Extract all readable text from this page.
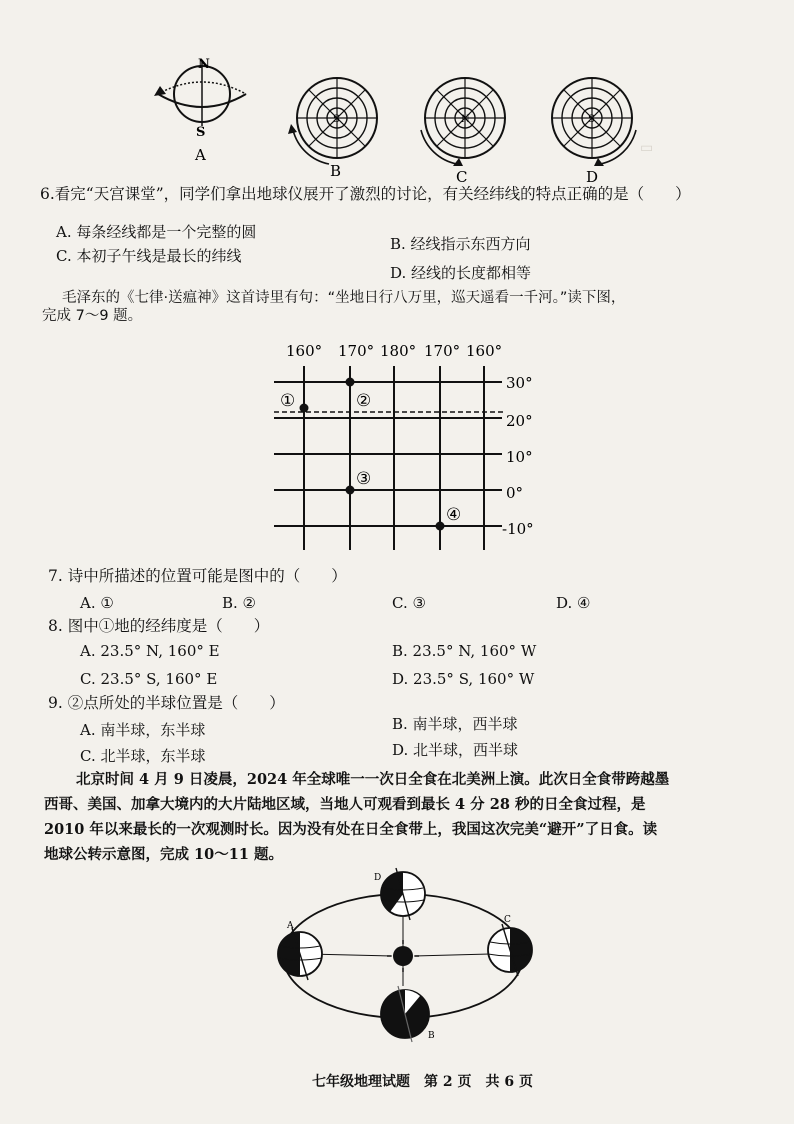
N
S
S	N	S
A
B	C	D
▭
6.看完“天宫课堂”，同学们拿出地球仪展开了激烈的讨论，有关经纬线的特点正确的是（　　）
A. 每条经线都是一个完整的圆
C. 本初子午线是最长的纬线
B. 经线指示东西方向
D. 经线的长度都相等
毛泽东的《七律·送瘟神》这首诗里有句：“坐地日行八万里，巡天遥看一千河。”读下图，
完成 7～9 题。
160° 170° 180° 170° 160°
30°
20°
10°
0°
-10°
①	②
③
④
7. 诗中所描述的位置可能是图中的（　　）
A. ①	B. ②	C. ③	D. ④
8. 图中①地的经纬度是（　　）
A. 23.5° N, 160° E	B. 23.5° N, 160° W
C. 23.5° S, 160° E	D. 23.5° S, 160° W
9. ②点所处的半球位置是（　　）
A. 南半球，东半球	B. 南半球，西半球
C. 北半球，东半球	D. 北半球，西半球
北京时间 4 月 9 日凌晨，2024 年全球唯一一次日全食在北美洲上演。此次日全食带跨越墨
西哥、美国、加拿大境内的大片陆地区域，当地人可观看到最长 4 分 28 秒的日全食过程，是
2010 年以来最长的一次观测时长。因为没有处在日全食带上，我国这次完美“避开”了日食。读
地球公转示意图，完成 10～11 题。
A
B
C
D
七年级地理试题　第 2 页　共 6 页
